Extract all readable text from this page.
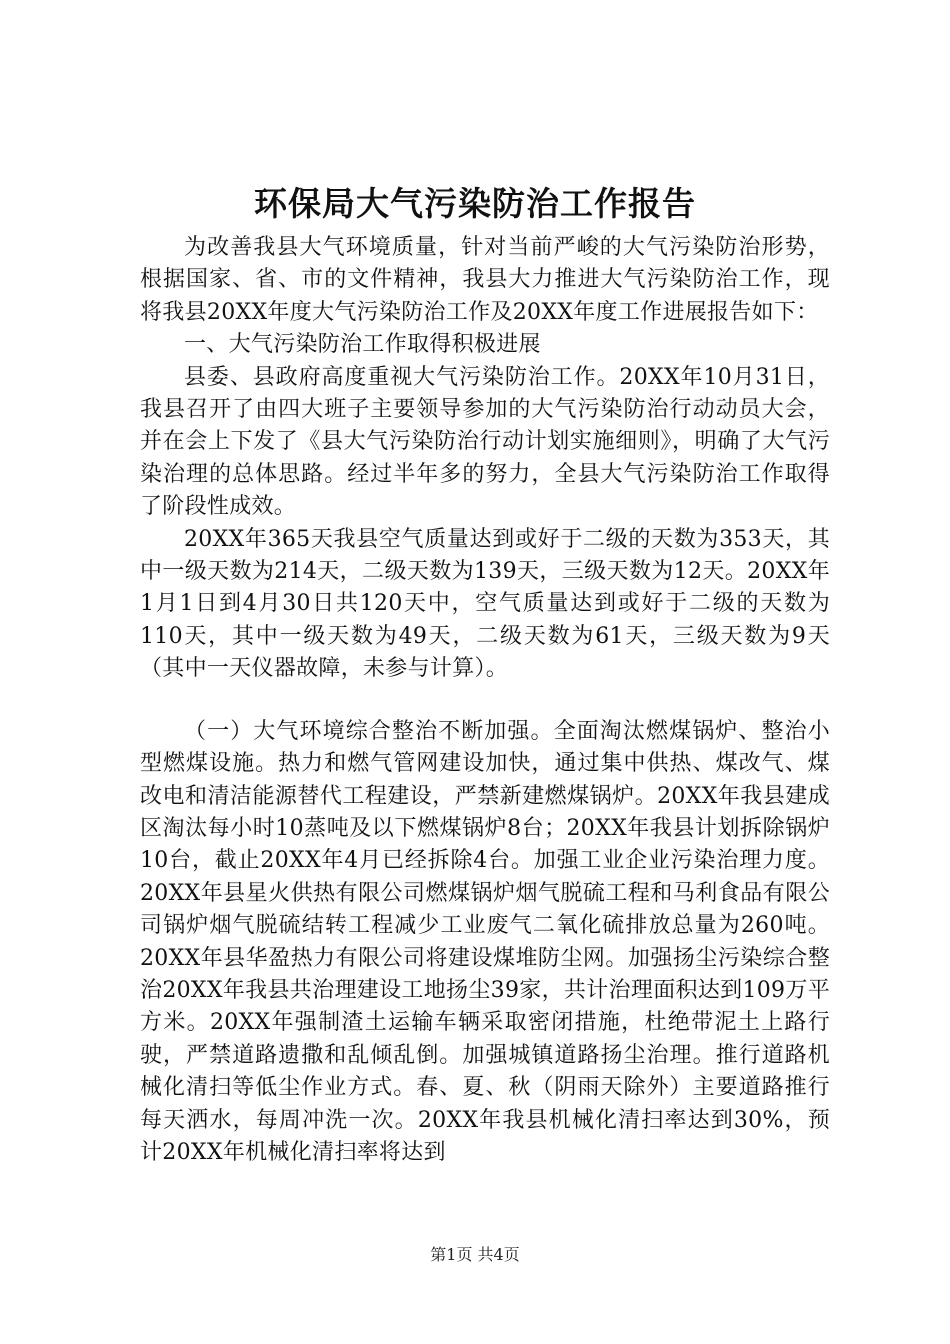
环保局大气污染防治工作报告

为改善我县大气环境质量，针对当前严峻的大气污染防治形势，根据国家、省、市的文件精神，我县大力推进大气污染防治工作，现将我县20XX年度大气污染防治工作及20XX年度工作进展报告如下：

一、大气污染防治工作取得积极进展

县委、县政府高度重视大气污染防治工作。20XX年10月31日，我县召开了由四大班子主要领导参加的大气污染防治行动动员大会，并在会上下发了《县大气污染防治行动计划实施细则》，明确了大气污染治理的总体思路。经过半年多的努力，全县大气污染防治工作取得了阶段性成效。

20XX年365天我县空气质量达到或好于二级的天数为353天，其中一级天数为214天，二级天数为139天，三级天数为12天。20XX年1月1日到4月30日共120天中，空气质量达到或好于二级的天数为110天，其中一级天数为49天，二级天数为61天，三级天数为9天（其中一天仪器故障，未参与计算）。

（一）大气环境综合整治不断加强。全面淘汰燃煤锅炉、整治小型燃煤设施。热力和燃气管网建设加快，通过集中供热、煤改气、煤改电和清洁能源替代工程建设，严禁新建燃煤锅炉。20XX年我县建成区淘汰每小时10蒸吨及以下燃煤锅炉8台；20XX年我县计划拆除锅炉10台，截止20XX年4月已经拆除4台。加强工业企业污染治理力度。20XX年县星火供热有限公司燃煤锅炉烟气脱硫工程和马利食品有限公司锅炉烟气脱硫结转工程减少工业废气二氧化硫排放总量为260吨。20XX年县华盈热力有限公司将建设煤堆防尘网。加强扬尘污染综合整治20XX年我县共治理建设工地扬尘39家，共计治理面积达到109万平方米。20XX年强制渣土运输车辆采取密闭措施，杜绝带泥土上路行驶，严禁道路遗撒和乱倾乱倒。加强城镇道路扬尘治理。推行道路机械化清扫等低尘作业方式。春、夏、秋（阴雨天除外）主要道路推行每天洒水，每周冲洗一次。20XX年我县机械化清扫率达到30%，预计20XX年机械化清扫率将达到

第1页 共4页
